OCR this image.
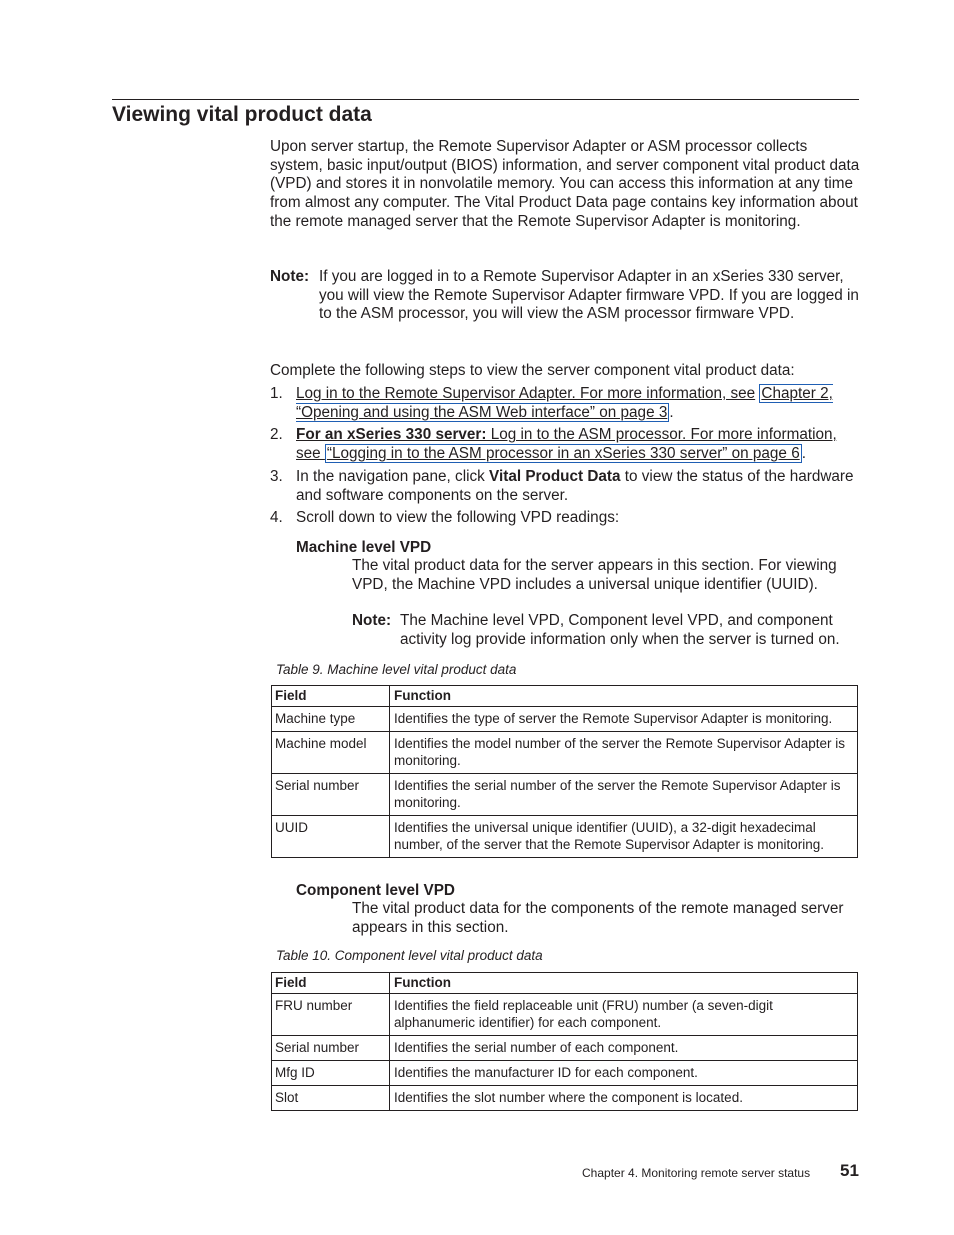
Viewing vital product data

Upon server startup, the Remote Supervisor Adapter or ASM processor collects system, basic input/output (BIOS) information, and server component vital product data (VPD) and stores it in nonvolatile memory. You can access this information at any time from almost any computer. The Vital Product Data page contains key information about the remote managed server that the Remote Supervisor Adapter is monitoring.

Note: If you are logged in to a Remote Supervisor Adapter in an xSeries 330 server, you will view the Remote Supervisor Adapter firmware VPD. If you are logged in to the ASM processor, you will view the ASM processor firmware VPD.

Complete the following steps to view the server component vital product data:

1. Log in to the Remote Supervisor Adapter. For more information, see Chapter 2, “Opening and using the ASM Web interface” on page 3 .
2. For an xSeries 330 server: Log in to the ASM processor. For more information, see “Logging in to the ASM processor in an xSeries 330 server” on page 6 .
3. In the navigation pane, click Vital Product Data to view the status of the hardware and software components on the server.
4. Scroll down to view the following VPD readings:
Machine level VPD
The vital product data for the server appears in this section. For viewing VPD, the Machine VPD includes a universal unique identifier (UUID).
Note: The Machine level VPD, Component level VPD, and component activity log provide information only when the server is turned on.
Table 9. Machine level vital product data
Field	Function
Machine type	Identifies the type of server the Remote Supervisor Adapter is monitoring.
Machine model	Identifies the model number of the server the Remote Supervisor Adapter is monitoring.
Serial number	Identifies the serial number of the server the Remote Supervisor Adapter is monitoring.
UUID	Identifies the universal unique identifier (UUID), a 32-digit hexadecimal number, of the server that the Remote Supervisor Adapter is monitoring.
Component level VPD
The vital product data for the components of the remote managed server appears in this section.
Table 10. Component level vital product data
Field	Function
FRU number	Identifies the field replaceable unit (FRU) number (a seven-digit alphanumeric identifier) for each component.
Serial number	Identifies the serial number of each component.
Mfg ID	Identifies the manufacturer ID for each component.
Slot	Identifies the slot number where the component is located.
Chapter 4. Monitoring remote server status 51
